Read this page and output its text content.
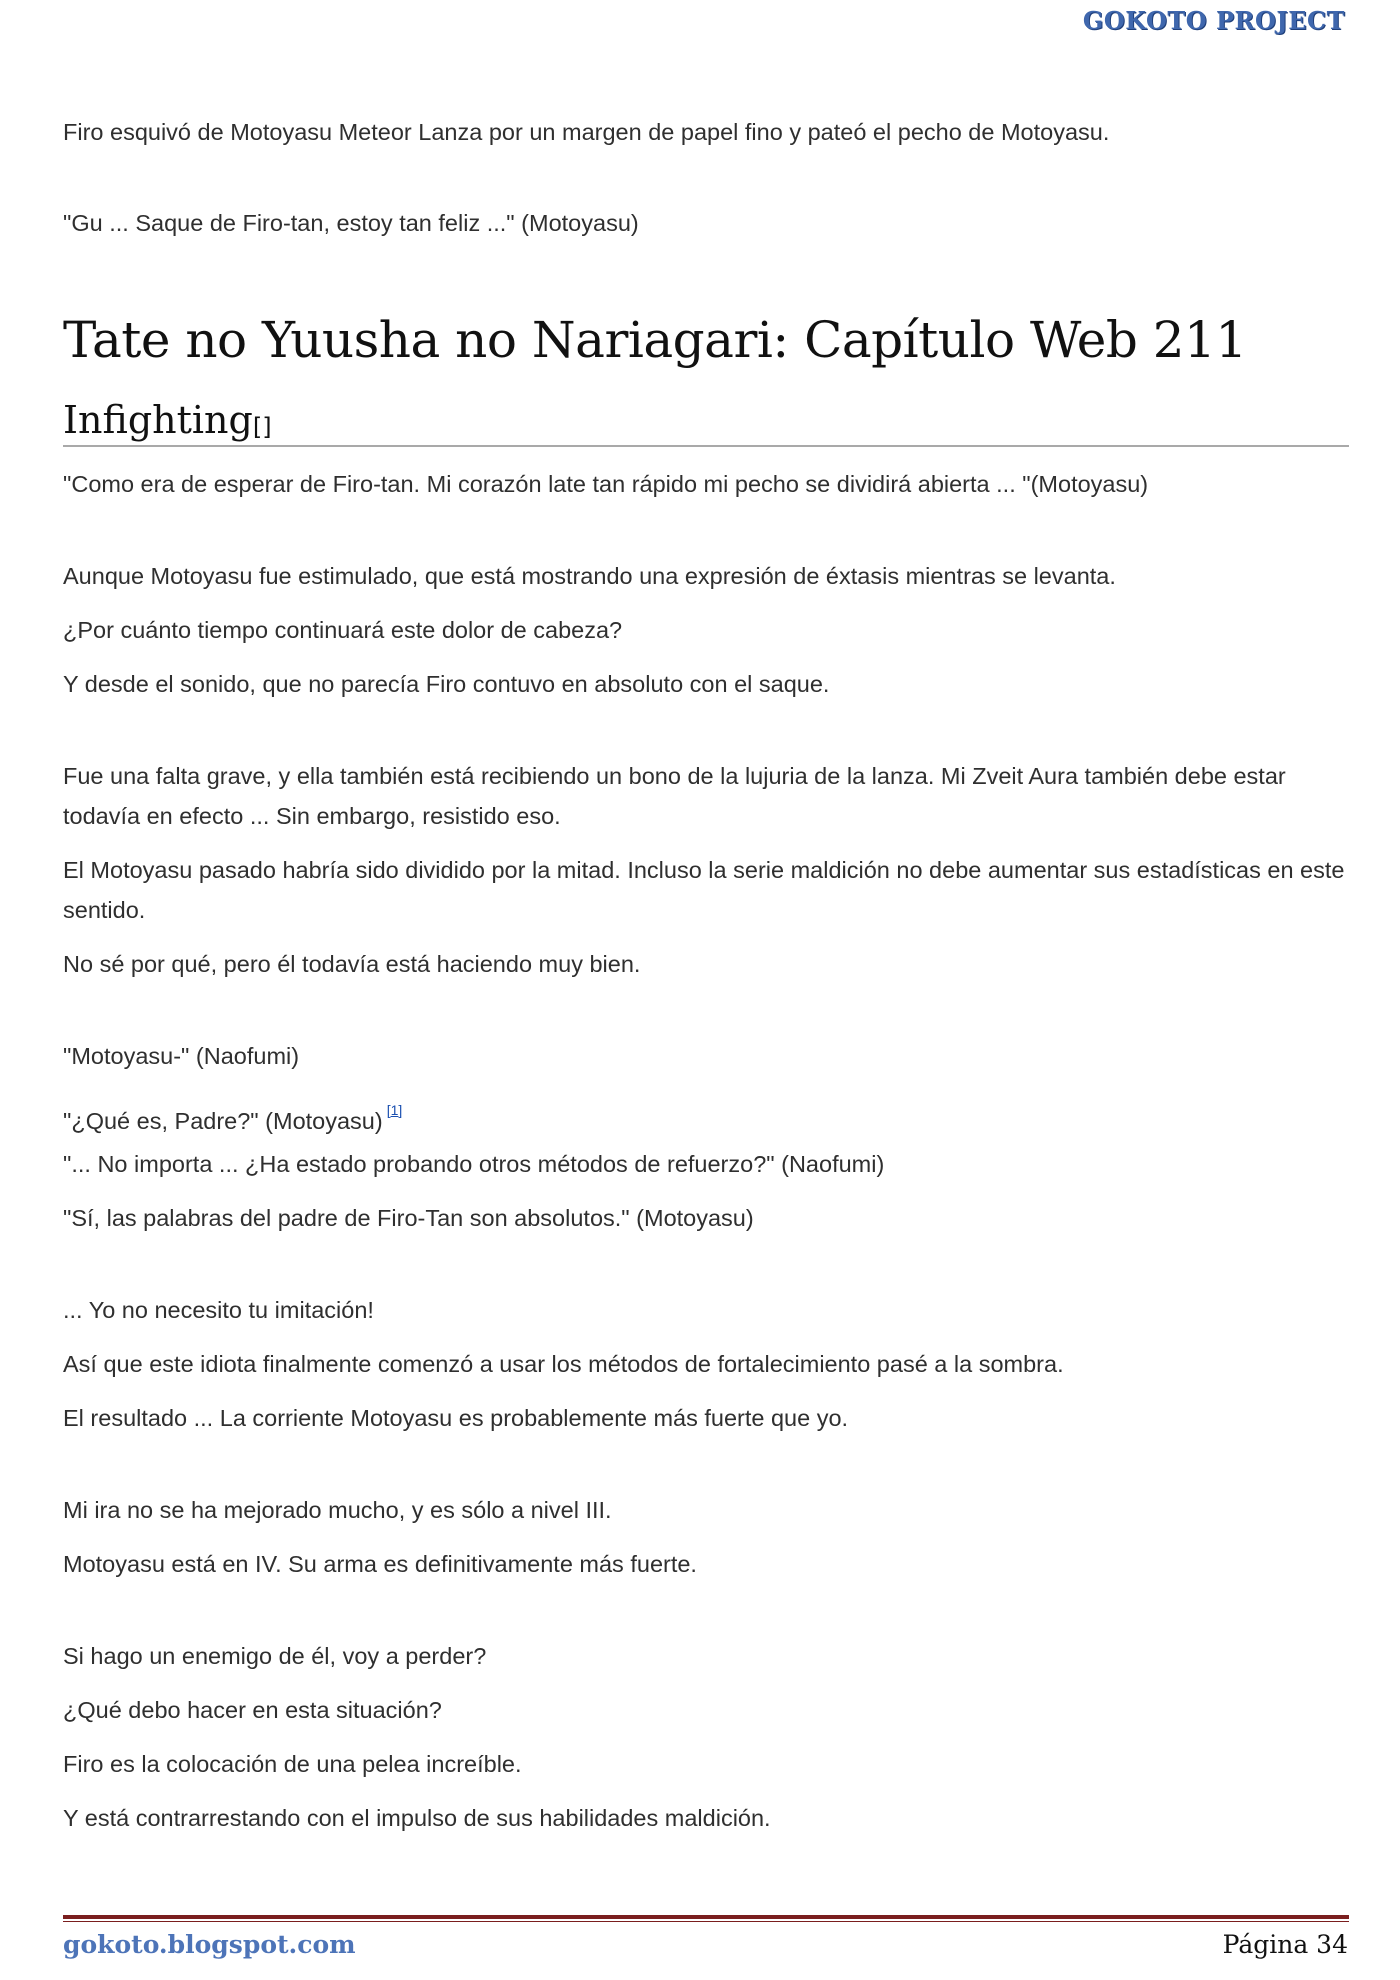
GOKOTO PROJECT

Firo esquivó de Motoyasu Meteor Lanza por un margen de papel fino y pateó el pecho de Motoyasu.

"Gu ... Saque de Firo-tan, estoy tan feliz ..." (Motoyasu)

Tate no Yuusha no Nariagari: Capítulo Web 211
Infighting[]

"Como era de esperar de Firo-tan. Mi corazón late tan rápido mi pecho se dividirá abierta ... "(Motoyasu)

Aunque Motoyasu fue estimulado, que está mostrando una expresión de éxtasis mientras se levanta.

¿Por cuánto tiempo continuará este dolor de cabeza?

Y desde el sonido, que no parecía Firo contuvo en absoluto con el saque.

Fue una falta grave, y ella también está recibiendo un bono de la lujuria de la lanza. Mi Zveit Aura también debe estar todavía en efecto ... Sin embargo, resistido eso.

El Motoyasu pasado habría sido dividido por la mitad. Incluso la serie maldición no debe aumentar sus estadísticas en este sentido.

No sé por qué, pero él todavía está haciendo muy bien.

"Motoyasu-" (Naofumi)

"¿Qué es, Padre?" (Motoyasu) [1]

"... No importa ... ¿Ha estado probando otros métodos de refuerzo?" (Naofumi)

"Sí, las palabras del padre de Firo-Tan son absolutos." (Motoyasu)

... Yo no necesito tu imitación!

Así que este idiota finalmente comenzó a usar los métodos de fortalecimiento pasé a la sombra.

El resultado ... La corriente Motoyasu es probablemente más fuerte que yo.

Mi ira no se ha mejorado mucho, y es sólo a nivel III.

Motoyasu está en IV. Su arma es definitivamente más fuerte.

Si hago un enemigo de él, voy a perder?

¿Qué debo hacer en esta situación?

Firo es la colocación de una pelea increíble.

Y está contrarrestando con el impulso de sus habilidades maldición.

gokoto.blogspot.com	Página 34
